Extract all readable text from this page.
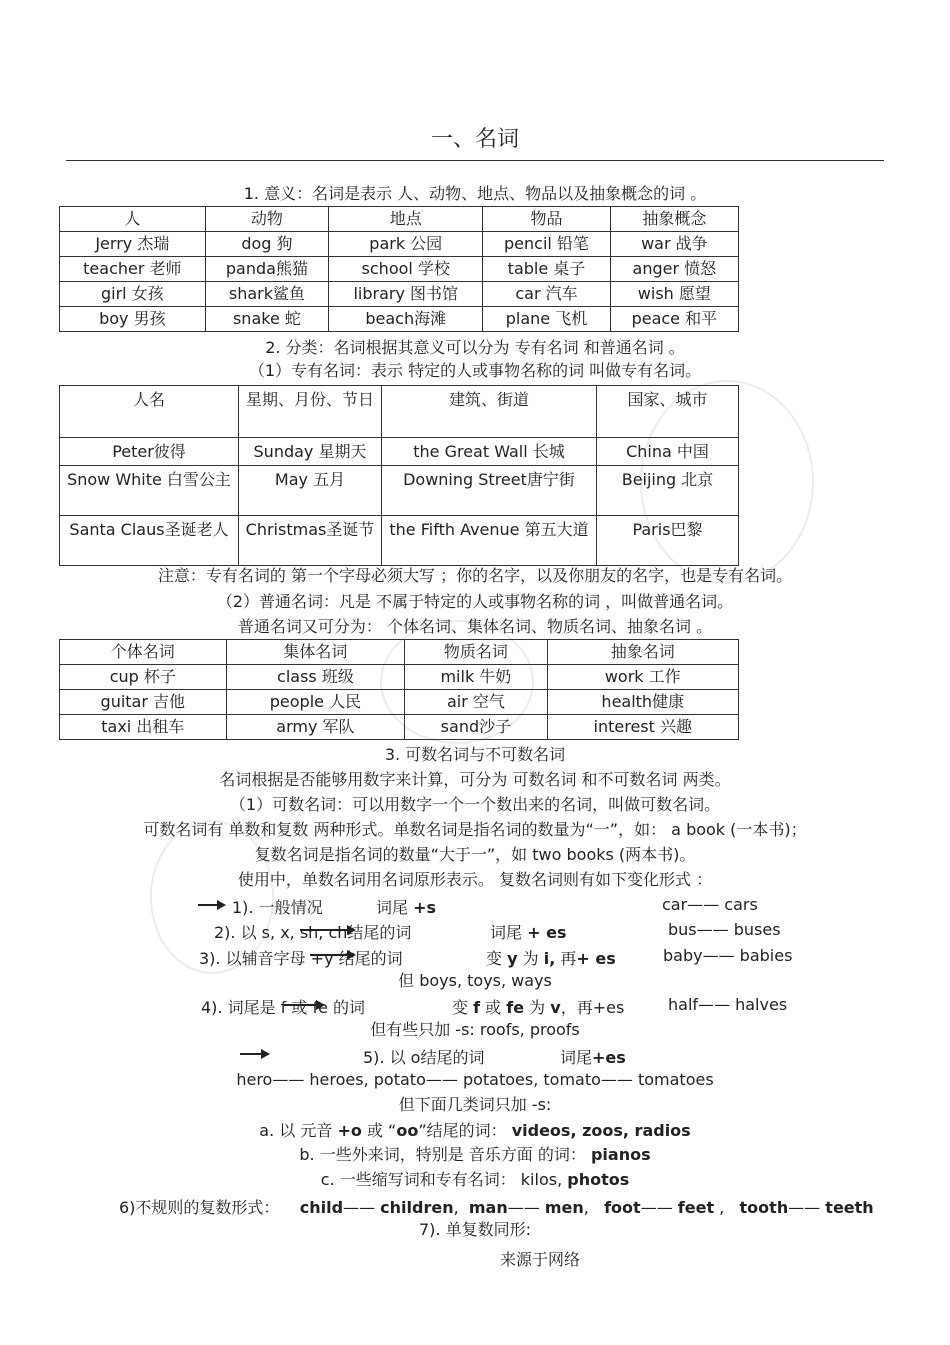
一、名词
1. 意义：名词是表示 人、动物、地点、物品以及抽象概念的词 。
人	动物	地点	物品	抽象概念
Jerry 杰瑞	dog 狗	park 公园	pencil 铅笔	war 战争
teacher 老师	panda熊猫	school 学校	table 桌子	anger 愤怒
girl 女孩	shark鲨鱼	library 图书馆	car 汽车	wish 愿望
boy 男孩	snake 蛇	beach海滩	plane 飞机	peace 和平
2. 分类：名词根据其意义可以分为 专有名词 和普通名词 。
（1）专有名词：表示 特定的人或事物名称的词 叫做专有名词。
人名	星期、月份、节日	建筑、街道	国家、城市
Peter彼得	Sunday 星期天	the Great Wall 长城	China 中国
Snow White 白雪公主	May 五月	Downing Street唐宁街	Beijing 北京
Santa Claus圣诞老人	Christmas圣诞节	the Fifth Avenue 第五大道	Paris巴黎
注意：专有名词的 第一个字母必须大写 ；你的名字，以及你朋友的名字，也是专有名词。
（2）普通名词：凡是 不属于特定的人或事物名称的词 ，叫做普通名词。
普通名词又可分为： 个体名词、集体名词、物质名词、抽象名词 。
个体名词	集体名词	物质名词	抽象名词
cup 杯子	class 班级	milk 牛奶	work 工作
guitar 吉他	people 人民	air 空气	health健康
taxi 出租车	army 军队	sand沙子	interest 兴趣
3. 可数名词与不可数名词
名词根据是否能够用数字来计算，可分为 可数名词 和不可数名词 两类。
（1）可数名词：可以用数字一个一个数出来的名词，叫做可数名词。
可数名词有 单数和复数 两种形式。单数名词是指名词的数量为“一”，如： a book (一本书)；
复数名词是指名词的数量“大于一”，如 two books (两本书)。
使用中，单数名词用名词原形表示。 复数名词则有如下变化形式 ：
1). 一般情况	词尾 +s	car—— cars
2). 以 s, x, sh, ch结尾的词	词尾 + es	bus—— buses
3). 以辅音字母 +y 结尾的词	变 y 为 i, 再+ es	baby—— babies
但 boys, toys, ways
4). 词尾是 f 或 fe 的词	变 f 或 fe 为 v，再+es	half—— halves
但有些只加 -s: roofs, proofs
5). 以 o结尾的词	词尾+es
hero—— heroes, potato—— potatoes, tomato—— tomatoes
但下面几类词只加 -s:
a. 以 元音 +o 或 “oo”结尾的词： videos, zoos, radios
b. 一些外来词，特别是 音乐方面 的词： pianos
c. 一些缩写词和专有名词： kilos, photos
6)不规则的复数形式：    child—— children,  man—— men,   foot—— feet ,   tooth—— teeth
7). 单复数同形:
来源于网络
